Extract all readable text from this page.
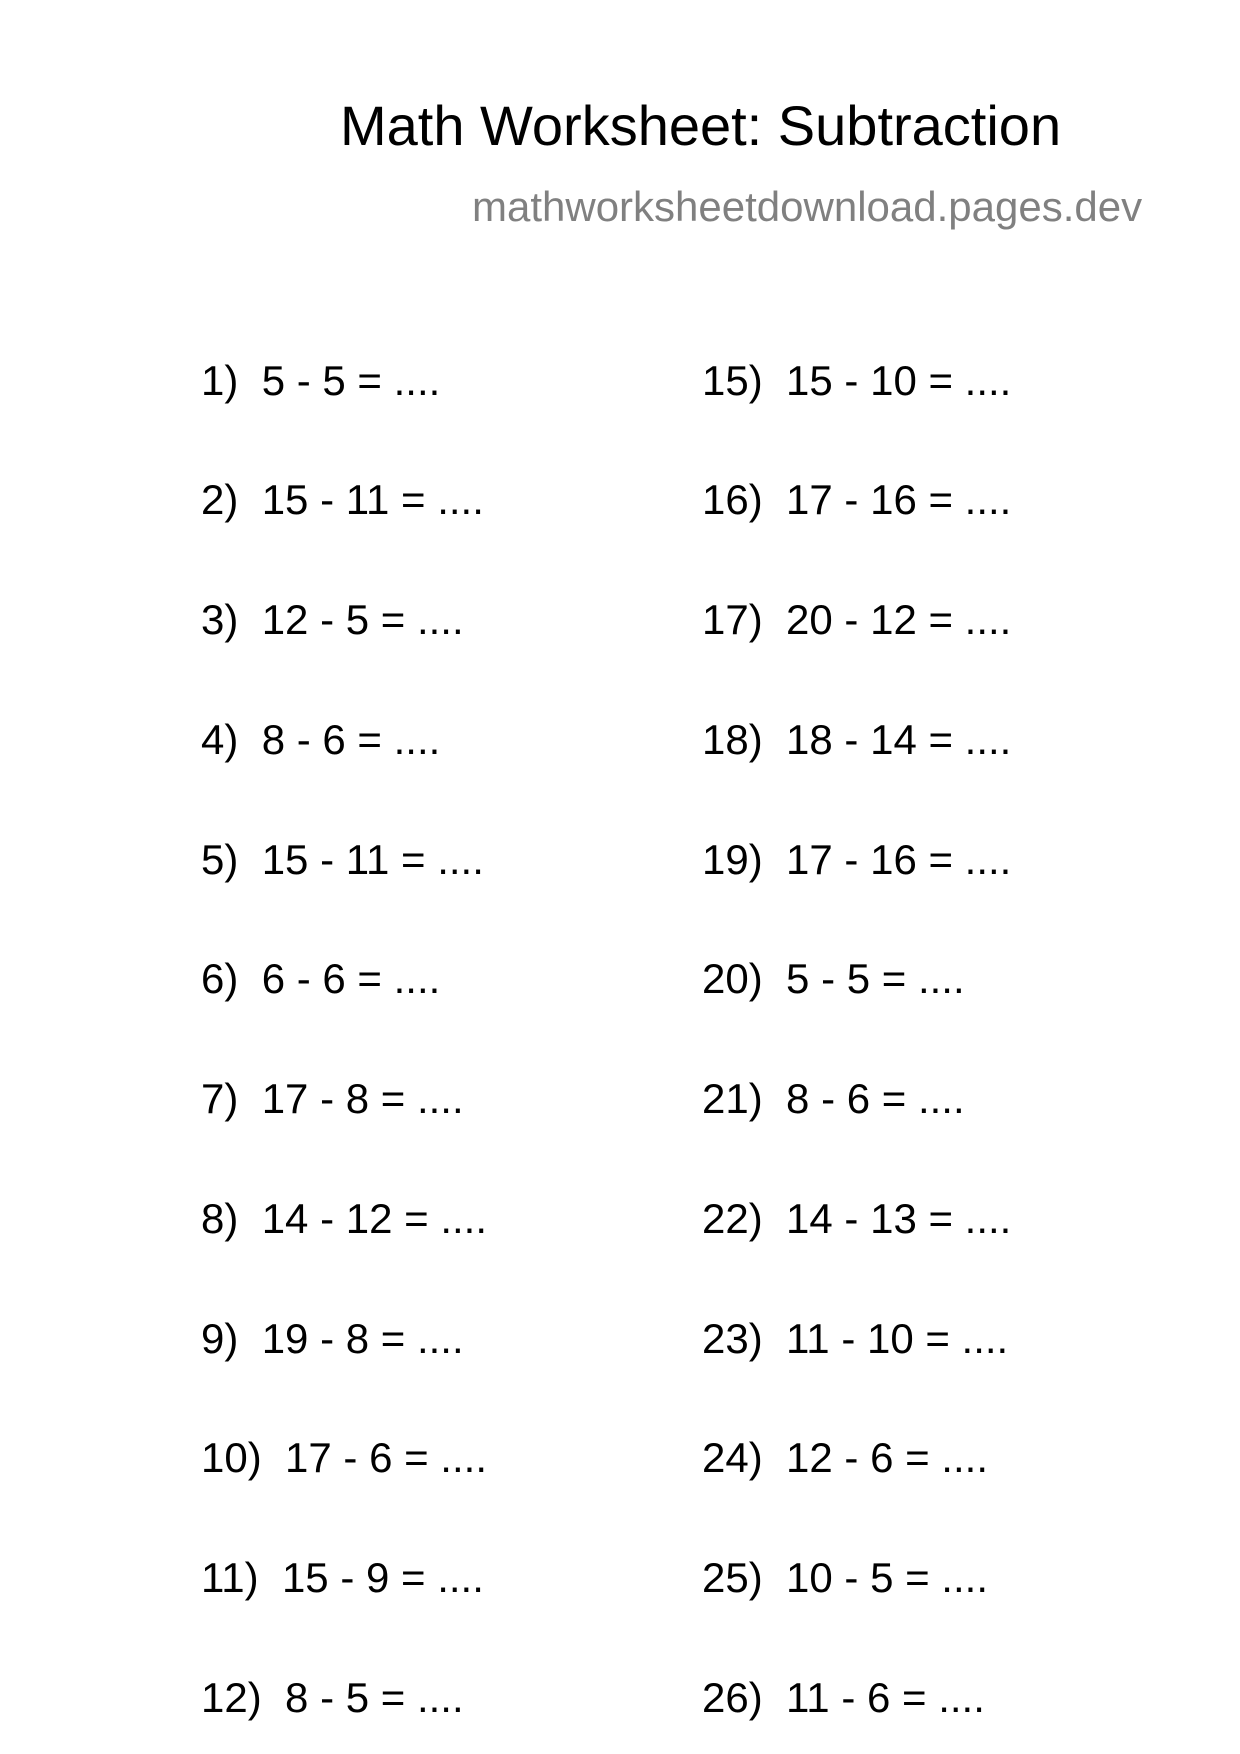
Math Worksheet: Subtraction
mathworksheetdownload.pages.dev
1) 5 - 5 = ....
2) 15 - 11 = ....
3) 12 - 5 = ....
4) 8 - 6 = ....
5) 15 - 11 = ....
6) 6 - 6 = ....
7) 17 - 8 = ....
8) 14 - 12 = ....
9) 19 - 8 = ....
10) 17 - 6 = ....
11) 15 - 9 = ....
12) 8 - 5 = ....
15) 15 - 10 = ....
16) 17 - 16 = ....
17) 20 - 12 = ....
18) 18 - 14 = ....
19) 17 - 16 = ....
20) 5 - 5 = ....
21) 8 - 6 = ....
22) 14 - 13 = ....
23) 11 - 10 = ....
24) 12 - 6 = ....
25) 10 - 5 = ....
26) 11 - 6 = ....
